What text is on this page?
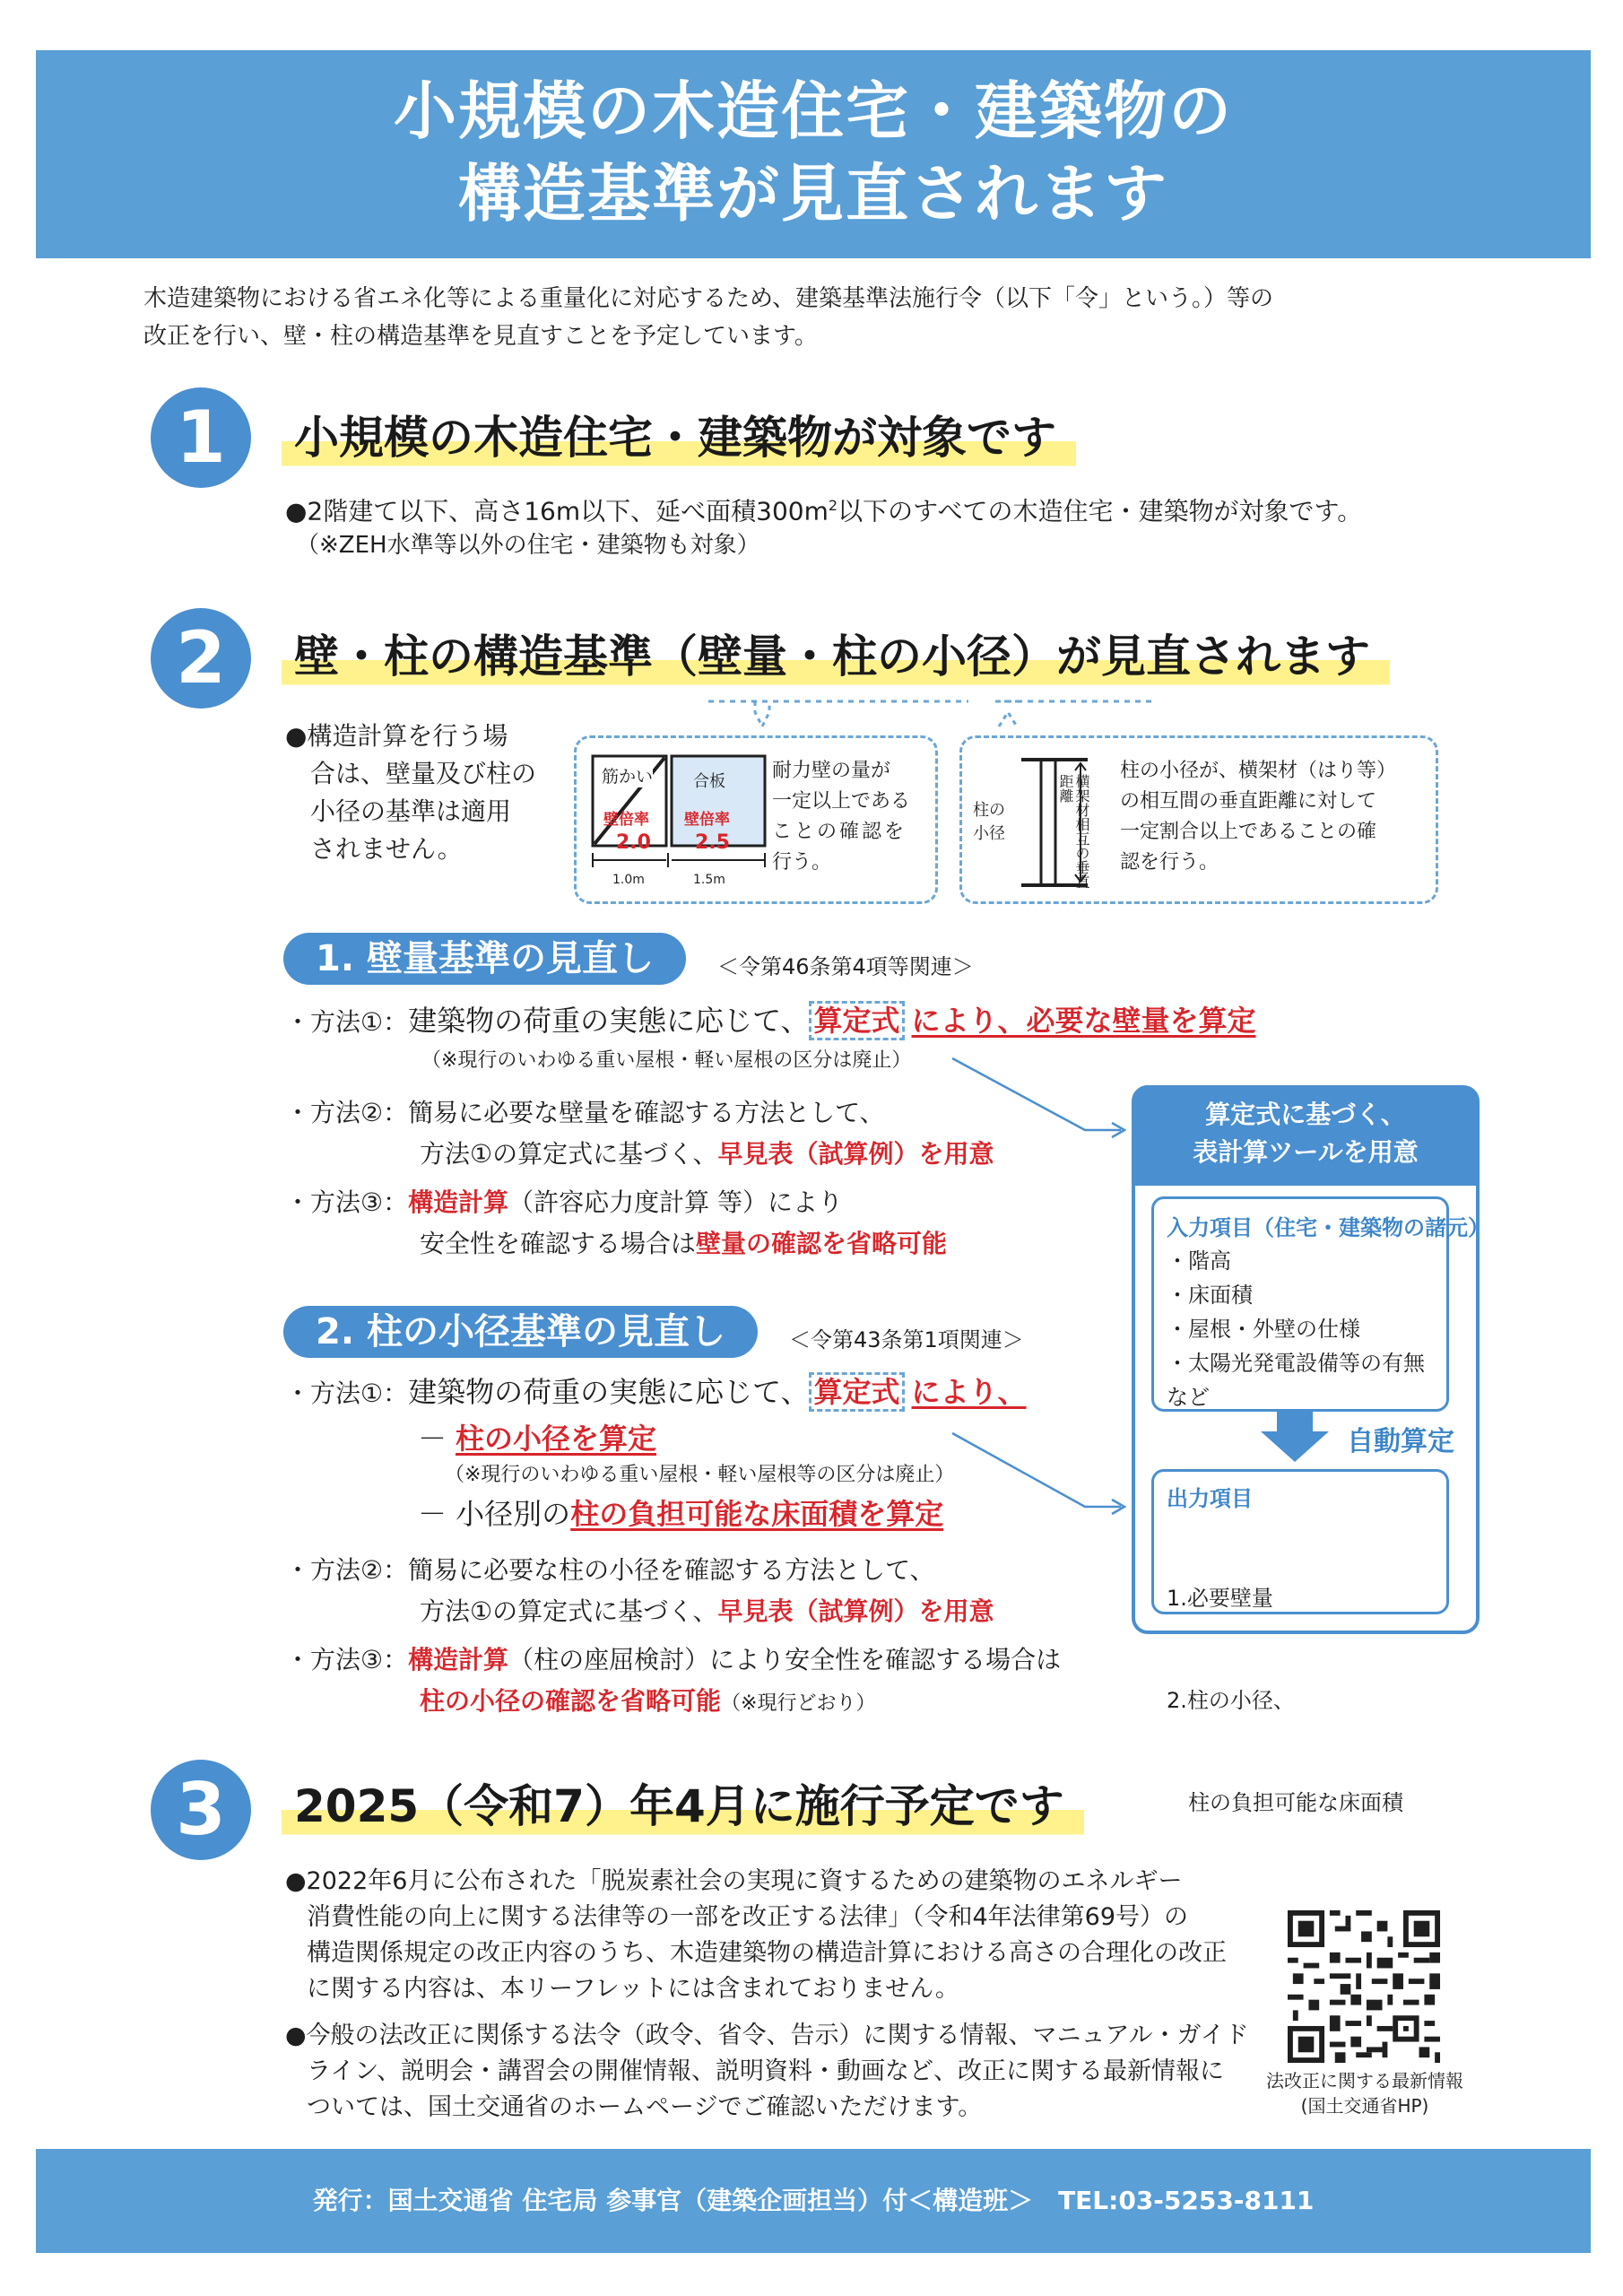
小規模の木造住宅・建築物の
構造基準が見直されます
木造建築物における省エネ化等による重量化に対応するため、建築基準法施行令（以下「令」という。）等の
改正を行い、壁・柱の構造基準を見直すことを予定しています。
1	小規模の木造住宅・建築物が対象です
●2階建て以下、高さ16m以下、延べ面積$300m^2$以下のすべての木造住宅・建築物が対象です。
（※ZEH水準等以外の住宅・建築物も対象）
2	壁・柱の構造基準（壁量・柱の小径）が見直されます
●構造計算を行う場
合は、壁量及び柱の
小径の基準は適用
されません。
筋かい
壁倍率
2.0
合板
壁倍率
2.5
1.0m	1.5m
耐力壁の量が
一定以上である
ことの確認を
行う。
柱の
小径	横架材相互の垂直距離
柱の小径が、横架材（はり等）
の相互間の垂直距離に対して
一定割合以上であることの確
認を行う。
1. 壁量基準の見直し	＜令第46条第4項等関連＞
・方法①：建築物の荷重の実態に応じて、 算定式 により、必要な壁量を算定
（※現行のいわゆる重い屋根・軽い屋根の区分は廃止）
・方法②：簡易に必要な壁量を確認する方法として、
方法①の算定式に基づく、早見表（試算例）を用意
・方法③：構造計算（許容応力度計算 等）により
安全性を確認する場合は壁量の確認を省略可能
2. 柱の小径基準の見直し	＜令第43条第1項関連＞
・方法①：建築物の荷重の実態に応じて、 算定式 により、
－ 柱の小径を算定
（※現行のいわゆる重い屋根・軽い屋根等の区分は廃止）
－ 小径別の柱の負担可能な床面積を算定
・方法②：簡易に必要な柱の小径を確認する方法として、
方法①の算定式に基づく、早見表（試算例）を用意
・方法③：構造計算（柱の座屈検討）により安全性を確認する場合は
柱の小径の確認を省略可能（※現行どおり）
算定式に基づく、
表計算ツールを用意
入力項目（住宅・建築物の諸元）
・階高
・床面積
・屋根・外壁の仕様
・太陽光発電設備等の有無
など
自動算定
出力項目

1.必要壁量

2.柱の小径、

　柱の負担可能な床面積

3	2025（令和7）年4月に施行予定です
●2022年6月に公布された「脱炭素社会の実現に資するための建築物のエネルギー
消費性能の向上に関する法律等の一部を改正する法律」（令和4年法律第69号）の
構造関係規定の改正内容のうち、木造建築物の構造計算における高さの合理化の改正
に関する内容は、本リーフレットには含まれておりません。
●今般の法改正に関係する法令（政令、省令、告示）に関する情報、マニュアル・ガイド
ライン、説明会・講習会の開催情報、説明資料・動画など、改正に関する最新情報に
ついては、国土交通省のホームページでご確認いただけます。
法改正に関する最新情報
(国土交通省HP)
発行：国土交通省 住宅局 参事官（建築企画担当）付＜構造班＞　TEL:03-5253-8111
